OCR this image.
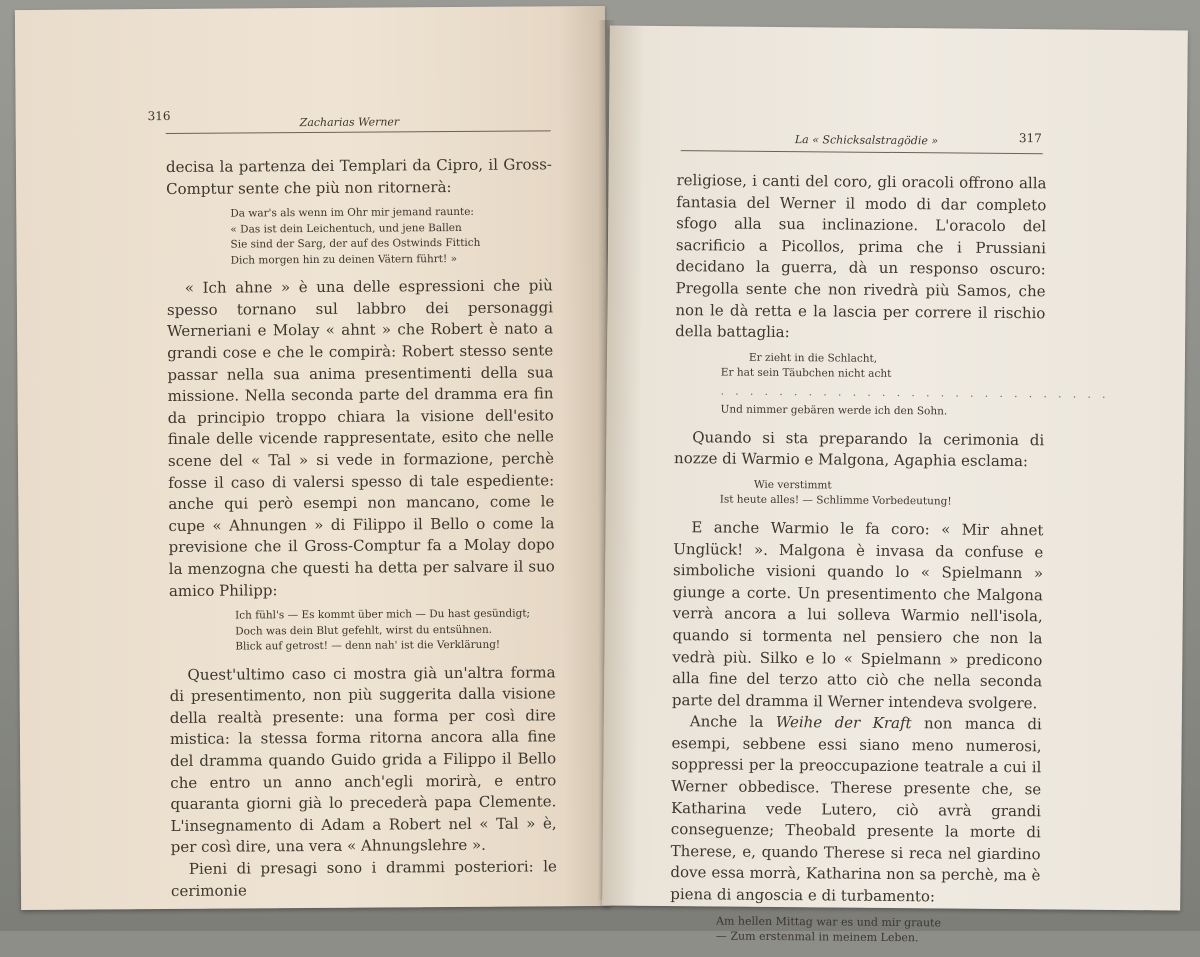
316	Zacharias Werner

decisa la partenza dei Templari da Cipro, il Gross-Comptur sente che più non ritornerà:

Da war's als wenn im Ohr mir jemand raunte:
« Das ist dein Leichentuch, und jene Ballen
Sie sind der Sarg, der auf des Ostwinds Fittich
Dich morgen hin zu deinen Vätern führt! »

« Ich ahne » è una delle espressioni che più spesso tornano sul labbro dei personaggi Werneriani e Molay « ahnt » che Robert è nato a grandi cose e che le compirà: Robert stesso sente passar nella sua anima presentimenti della sua missione. Nella seconda parte del dramma era fin da principio troppo chiara la visione dell'esito finale delle vicende rappresentate, esito che nelle scene del « Tal » si vede in formazione, perchè fosse il caso di valersi spesso di tale espediente: anche qui però esempi non mancano, come le cupe « Ahnungen » di Filippo il Bello o come la previsione che il Gross-Comptur fa a Molay dopo la menzogna che questi ha detta per salvare il suo amico Philipp:

Ich fühl's — Es kommt über mich — Du hast gesündigt;
Doch was dein Blut gefehlt, wirst du entsühnen.
Blick auf getrost! — denn nah' ist die Verklärung!

Quest'ultimo caso ci mostra già un'altra forma di presentimento, non più suggerita dalla visione della realtà presente: una forma per così dire mistica: la stessa forma ritorna ancora alla fine del dramma quando Guido grida a Filippo il Bello che entro un anno anch'egli morirà, e entro quaranta giorni già lo precederà papa Clemente. L'insegnamento di Adam a Robert nel « Tal » è, per così dire, una vera « Ahnungslehre ».

Pieni di presagi sono i drammi posteriori: le cerimonie

La « Schicksalstragödie »	317

religiose, i canti del coro, gli oracoli offrono alla fantasia del Werner il modo di dar completo sfogo alla sua inclinazione. L'oracolo del sacrificio a Picollos, prima che i Prussiani decidano la guerra, dà un responso oscuro: Pregolla sente che non rivedrà più Samos, che non le dà retta e la lascia per correre il rischio della battaglia:

Er zieht in die Schlacht,
Er hat sein Täubchen nicht acht
. . . . . . . . . . . . . . . . . . . . . . . . . . .
Und nimmer gebären werde ich den Sohn.

Quando si sta preparando la cerimonia di nozze di Warmio e Malgona, Agaphia esclama:

Wie verstimmt
Ist heute alles! — Schlimme Vorbedeutung!

E anche Warmio le fa coro: « Mir ahnet Unglück! ». Malgona è invasa da confuse e simboliche visioni quando lo « Spielmann » giunge a corte. Un presentimento che Malgona verrà ancora a lui solleva Warmio nell'isola, quando si tormenta nel pensiero che non la vedrà più. Silko e lo « Spielmann » predicono alla fine del terzo atto ciò che nella seconda parte del dramma il Werner intendeva svolgere.

Anche la Weihe der Kraft non manca di esempi, sebbene essi siano meno numerosi, soppressi per la preoccupazione teatrale a cui il Werner obbedisce. Therese presente che, se Katharina vede Lutero, ciò avrà grandi conseguenze; Theobald presente la morte di Therese, e, quando Therese si reca nel giardino dove essa morrà, Katharina non sa perchè, ma è piena di angoscia e di turbamento:

Am hellen Mittag war es und mir graute
— Zum erstenmal in meinem Leben.
